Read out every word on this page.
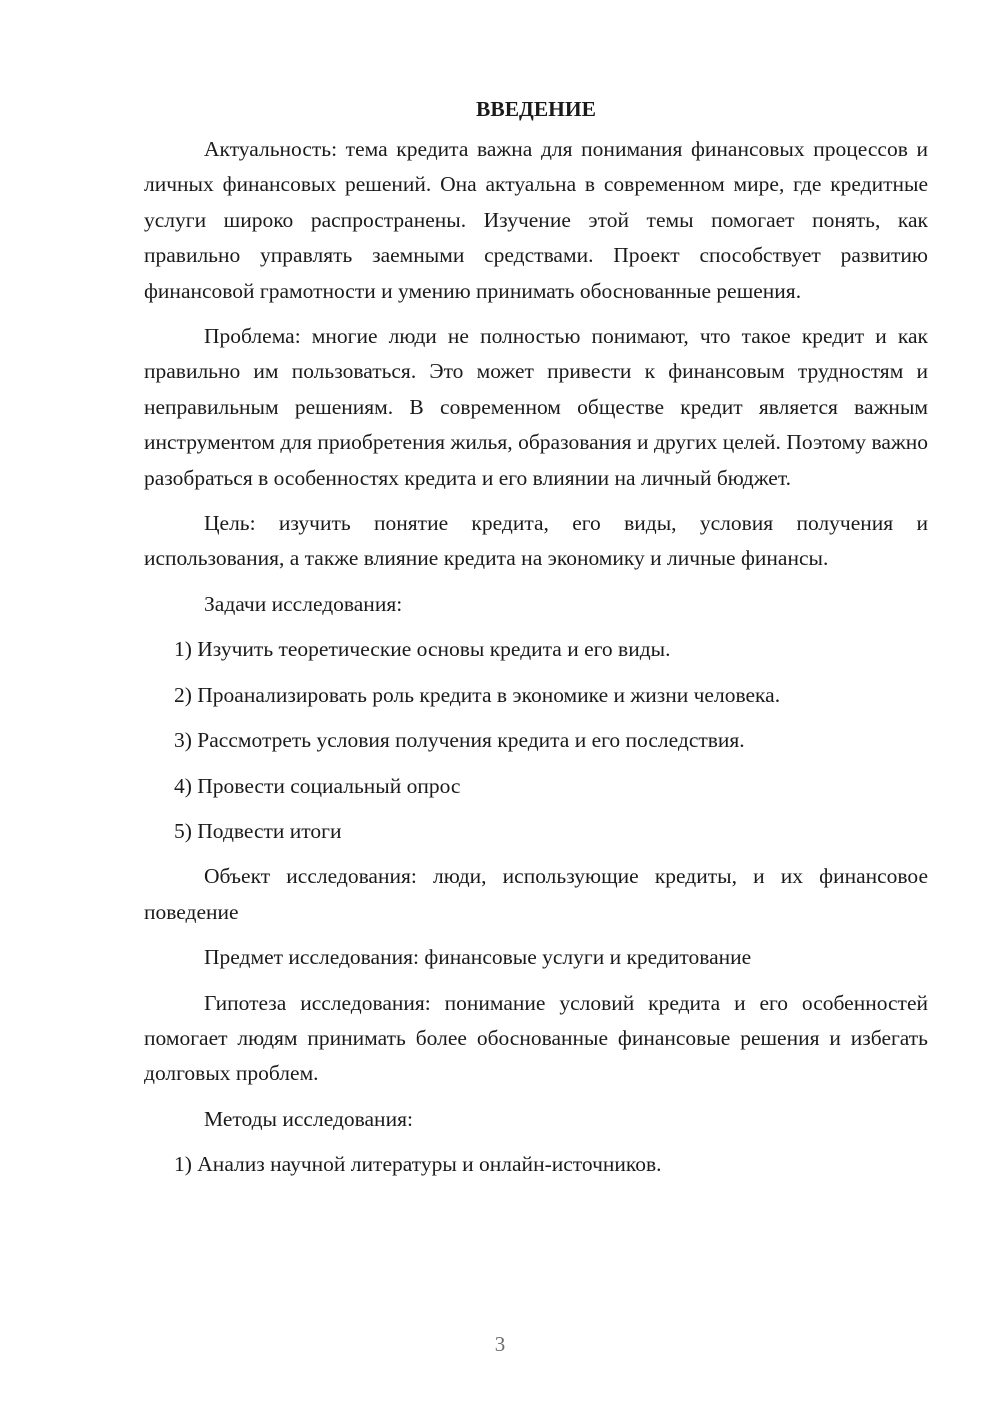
ВВЕДЕНИЕ

Актуальность: тема кредита важна для понимания финансовых процессов и личных финансовых решений. Она актуальна в современном мире, где кредитные услуги широко распространены. Изучение этой темы помогает понять, как правильно управлять заемными средствами. Проект способствует развитию финансовой грамотности и умению принимать обоснованные решения.

Проблема: многие люди не полностью понимают, что такое кредит и как правильно им пользоваться. Это может привести к финансовым трудностям и неправильным решениям. В современном обществе кредит является важным инструментом для приобретения жилья, образования и других целей. Поэтому важно разобраться в особенностях кредита и его влиянии на личный бюджет.

Цель: изучить понятие кредита, его виды, условия получения и использования, а также влияние кредита на экономику и личные финансы.

Задачи исследования:

1) Изучить теоретические основы кредита и его виды.
2) Проанализировать роль кредита в экономике и жизни человека.
3) Рассмотреть условия получения кредита и его последствия.
4) Провести социальный опрос
5) Подвести итоги

Объект исследования: люди, использующие кредиты, и их финансовое поведение

Предмет исследования: финансовые услуги и кредитование

Гипотеза исследования: понимание условий кредита и его особенностей помогает людям принимать более обоснованные финансовые решения и избегать долговых проблем.

Методы исследования:

1) Анализ научной литературы и онлайн-источников.
3
